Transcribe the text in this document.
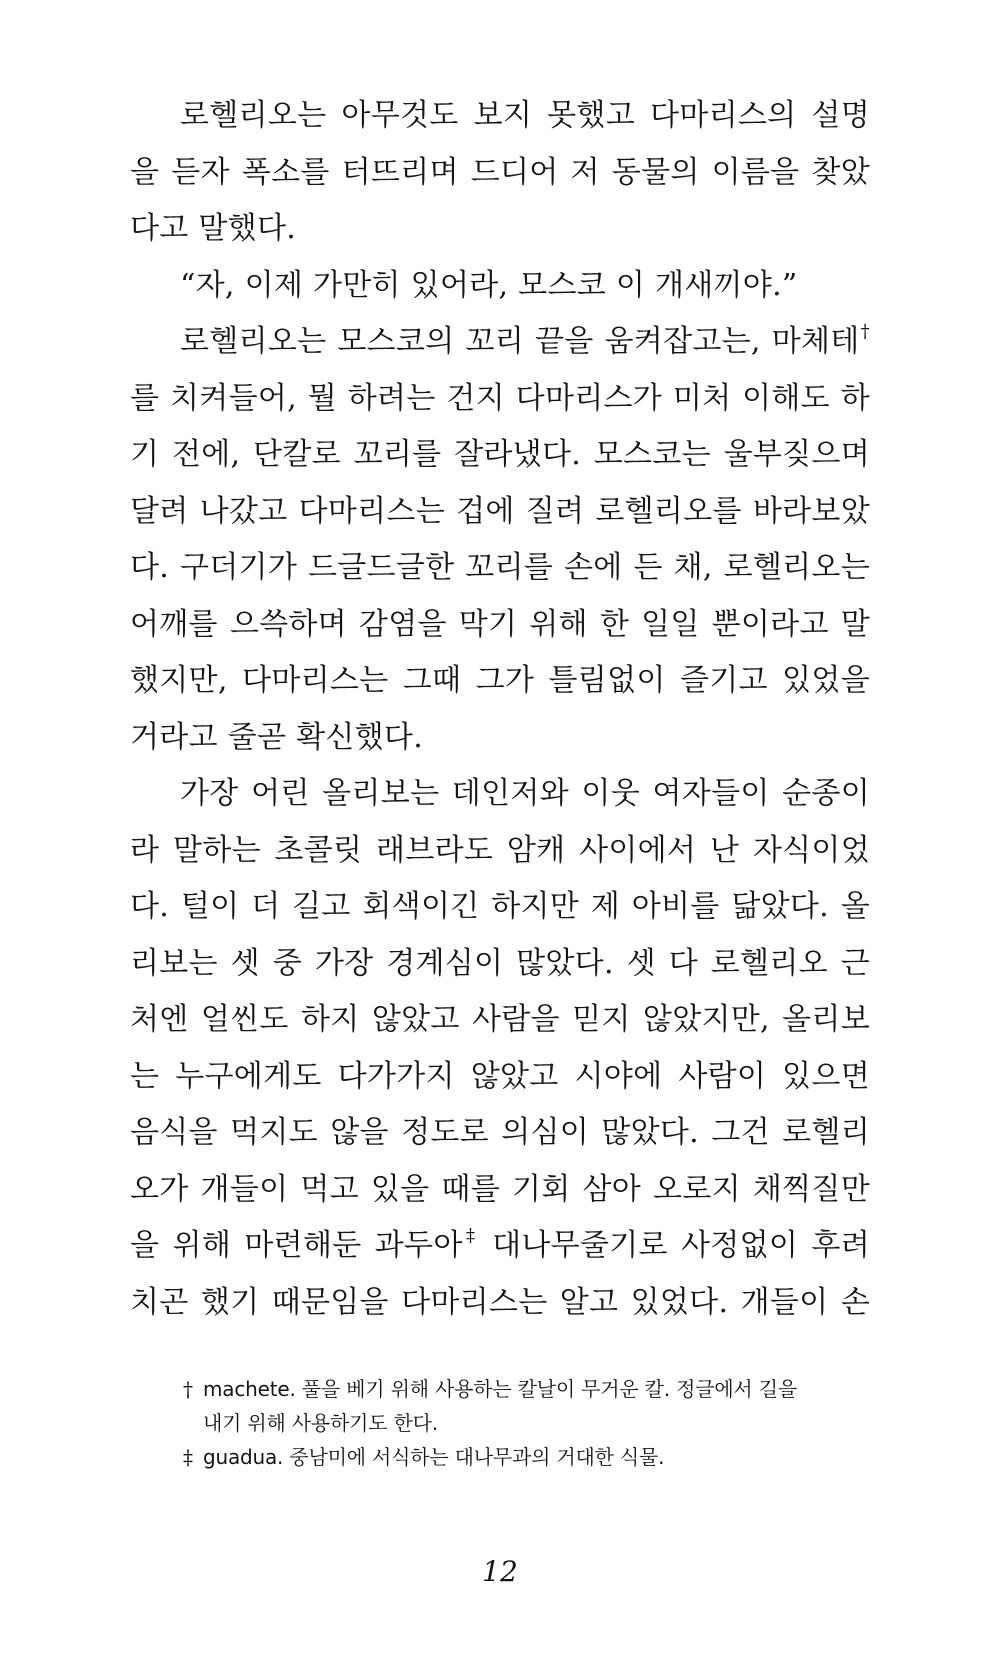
로헬리오는 아무것도 보지 못했고 다마리스의 설명
을 듣자 폭소를 터뜨리며 드디어 저 동물의 이름을 찾았
다고 말했다.
“자, 이제 가만히 있어라, 모스코 이 개새끼야.”
로헬리오는 모스코의 꼬리 끝을 움켜잡고는, 마체테†
를 치켜들어, 뭘 하려는 건지 다마리스가 미처 이해도 하
기 전에, 단칼로 꼬리를 잘라냈다. 모스코는 울부짖으며
달려 나갔고 다마리스는 겁에 질려 로헬리오를 바라보았
다. 구더기가 드글드글한 꼬리를 손에 든 채, 로헬리오는
어깨를 으쓱하며 감염을 막기 위해 한 일일 뿐이라고 말
했지만, 다마리스는 그때 그가 틀림없이 즐기고 있었을
거라고 줄곧 확신했다.
가장 어린 올리보는 데인저와 이웃 여자들이 순종이
라 말하는 초콜릿 래브라도 암캐 사이에서 난 자식이었
다. 털이 더 길고 회색이긴 하지만 제 아비를 닮았다. 올
리보는 셋 중 가장 경계심이 많았다. 셋 다 로헬리오 근
처엔 얼씬도 하지 않았고 사람을 믿지 않았지만, 올리보
는 누구에게도 다가가지 않았고 시야에 사람이 있으면
음식을 먹지도 않을 정도로 의심이 많았다. 그건 로헬리
오가 개들이 먹고 있을 때를 기회 삼아 오로지 채찍질만
을 위해 마련해둔 과두아‡ 대나무줄기로 사정없이 후려
치곤 했기 때문임을 다마리스는 알고 있었다. 개들이 손
† machete. 풀을 베기 위해 사용하는 칼날이 무거운 칼. 정글에서 길을
내기 위해 사용하기도 한다.
‡ guadua. 중남미에 서식하는 대나무과의 거대한 식물.
12
